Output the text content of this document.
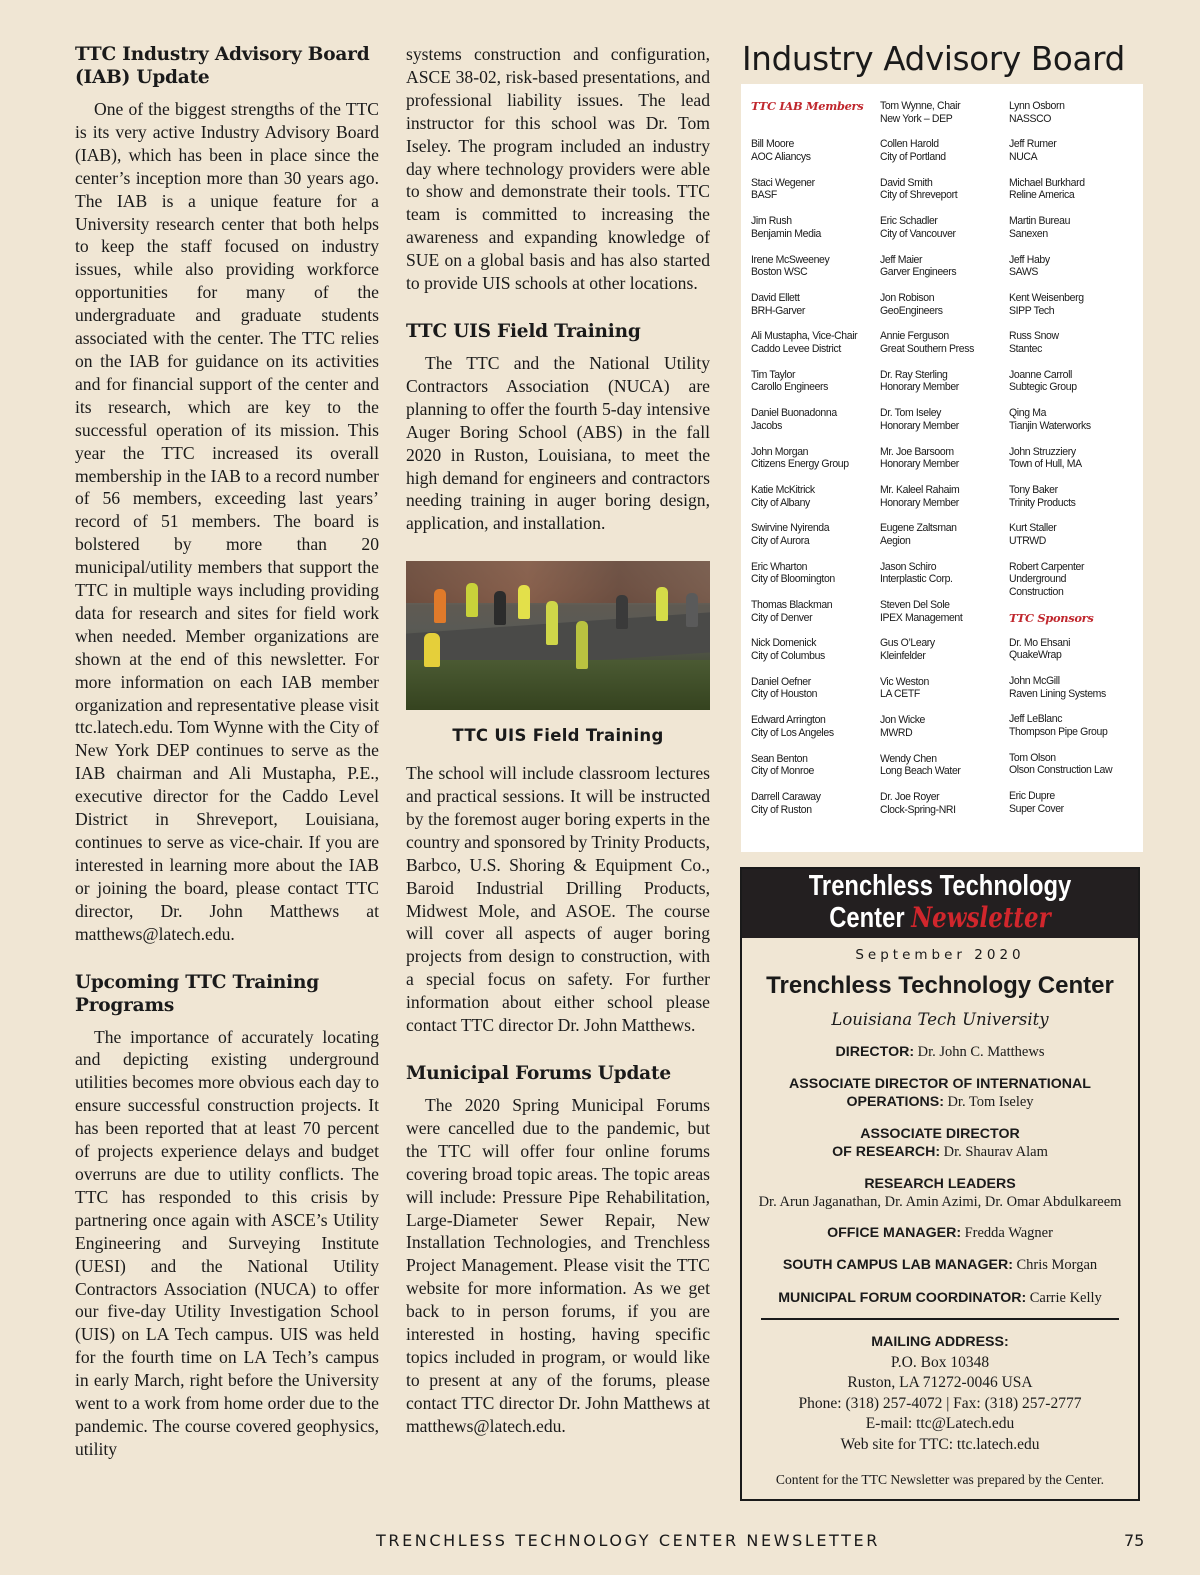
TTC Industry Advisory Board (IAB) Update

One of the biggest strengths of the TTC is its very active Industry Advisory Board (IAB), which has been in place since the center’s inception more than 30 years ago. The IAB is a unique feature for a University research center that both helps to keep the staff focused on industry issues, while also providing workforce opportunities for many of the undergraduate and graduate students associated with the center. The TTC relies on the IAB for guidance on its activities and for financial support of the center and its research, which are key to the successful operation of its mission. This year the TTC increased its overall membership in the IAB to a record number of 56 members, exceeding last years’ record of 51 members. The board is bolstered by more than 20 municipal/utility members that support the TTC in multiple ways including providing data for research and sites for field work when needed. Member organizations are shown at the end of this newsletter. For more information on each IAB member organization and representative please visit ttc.latech.edu. Tom Wynne with the City of New York DEP continues to serve as the IAB chairman and Ali Mustapha, P.E., executive director for the Caddo Level District in Shreveport, Louisiana, continues to serve as vice-chair. If you are interested in learning more about the IAB or joining the board, please contact TTC director, Dr. John Matthews at matthews@latech.edu.

Upcoming TTC Training Programs

The importance of accurately locating and depicting existing underground utilities becomes more obvious each day to ensure successful construction projects. It has been reported that at least 70 percent of projects experience delays and budget overruns are due to utility conflicts. The TTC has responded to this crisis by partnering once again with ASCE’s Utility Engineering and Surveying Institute (UESI) and the National Utility Contractors Association (NUCA) to offer our five-day Utility Investigation School (UIS) on LA Tech campus. UIS was held for the fourth time on LA Tech’s campus in early March, right before the University went to a work from home order due to the pandemic. The course covered geophysics, utility

systems construction and configuration, ASCE 38-02, risk-based presentations, and professional liability issues. The lead instructor for this school was Dr. Tom Iseley. The program included an industry day where technology providers were able to show and demonstrate their tools. TTC team is committed to increasing the awareness and expanding knowledge of SUE on a global basis and has also started to provide UIS schools at other locations.

TTC UIS Field Training

The TTC and the National Utility Contractors Association (NUCA) are planning to offer the fourth 5-day intensive Auger Boring School (ABS) in the fall 2020 in Ruston, Louisiana, to meet the high demand for engineers and contractors needing training in auger boring design, application, and installation.

TTC UIS Field Training

The school will include classroom lectures and practical sessions. It will be instructed by the foremost auger boring experts in the country and sponsored by Trinity Products, Barbco, U.S. Shoring & Equipment Co., Baroid Industrial Drilling Products, Midwest Mole, and ASOE. The course will cover all aspects of auger boring projects from design to construction, with a special focus on safety. For further information about either school please contact TTC director Dr. John Matthews.

Municipal Forums Update

The 2020 Spring Municipal Forums were cancelled due to the pandemic, but the TTC will offer four online forums covering broad topic areas. The topic areas will include: Pressure Pipe Rehabilitation, Large-Diameter Sewer Repair, New Installation Technologies, and Trenchless Project Management. Please visit the TTC website for more information. As we get back to in person forums, if you are interested in hosting, having specific topics included in program, or would like to present at any of the forums, please contact TTC director Dr. John Matthews at matthews@latech.edu.

Industry Advisory Board
TTC IAB Members
Bill Moore
AOC Aliancys
Staci Wegener
BASF
Jim Rush
Benjamin Media
Irene McSweeney
Boston WSC
David Ellett
BRH-Garver
Ali Mustapha, Vice-Chair
Caddo Levee District
Tim Taylor
Carollo Engineers
Daniel Buonadonna
Jacobs
John Morgan
Citizens Energy Group
Katie McKitrick
City of Albany
Swirvine Nyirenda
City of Aurora
Eric Wharton
City of Bloomington
Thomas Blackman
City of Denver
Nick Domenick
City of Columbus
Daniel Oefner
City of Houston
Edward Arrington
City of Los Angeles
Sean Benton
City of Monroe
Darrell Caraway
City of Ruston
Tom Wynne, Chair
New York – DEP
Collen Harold
City of Portland
David Smith
City of Shreveport
Eric Schadler
City of Vancouver
Jeff Maier
Garver Engineers
Jon Robison
GeoEngineers
Annie Ferguson
Great Southern Press
Dr. Ray Sterling
Honorary Member
Dr. Tom Iseley
Honorary Member
Mr. Joe Barsoom
Honorary Member
Mr. Kaleel Rahaim
Honorary Member
Eugene Zaltsman
Aegion
Jason Schiro
Interplastic Corp.
Steven Del Sole
IPEX Management
Gus O’Leary
Kleinfelder
Vic Weston
LA CETF
Jon Wicke
MWRD
Wendy Chen
Long Beach Water
Dr. Joe Royer
Clock-Spring-NRI
Lynn Osborn
NASSCO
Jeff Rumer
NUCA
Michael Burkhard
Reline America
Martin Bureau
Sanexen
Jeff Haby
SAWS
Kent Weisenberg
SIPP Tech
Russ Snow
Stantec
Joanne Carroll
Subtegic Group
Qing Ma
Tianjin Waterworks
John Struzziery
Town of Hull, MA
Tony Baker
Trinity Products
Kurt Staller
UTRWD
Robert Carpenter
Underground
Construction
TTC Sponsors
Dr. Mo Ehsani
QuakeWrap
John McGill
Raven Lining Systems
Jeff LeBlanc
Thompson Pipe Group
Tom Olson
Olson Construction Law
Eric Dupre
Super Cover
Trenchless Technology
Center Newsletter
September 2020
Trenchless Technology Center
Louisiana Tech University
DIRECTOR: Dr. John C. Matthews
ASSOCIATE DIRECTOR OF INTERNATIONAL
OPERATIONS: Dr. Tom Iseley
ASSOCIATE DIRECTOR
OF RESEARCH: Dr. Shaurav Alam
RESEARCH LEADERS
Dr. Arun Jaganathan, Dr. Amin Azimi, Dr. Omar Abdulkareem
OFFICE MANAGER: Fredda Wagner
SOUTH CAMPUS LAB MANAGER: Chris Morgan
MUNICIPAL FORUM COORDINATOR: Carrie Kelly
MAILING ADDRESS:
P.O. Box 10348
Ruston, LA 71272-0046 USA
Phone: (318) 257-4072 | Fax: (318) 257-2777
E-mail: ttc@Latech.edu
Web site for TTC: ttc.latech.edu
Content for the TTC Newsletter was prepared by the Center.
TRENCHLESS TECHNOLOGY CENTER NEWSLETTER	75
